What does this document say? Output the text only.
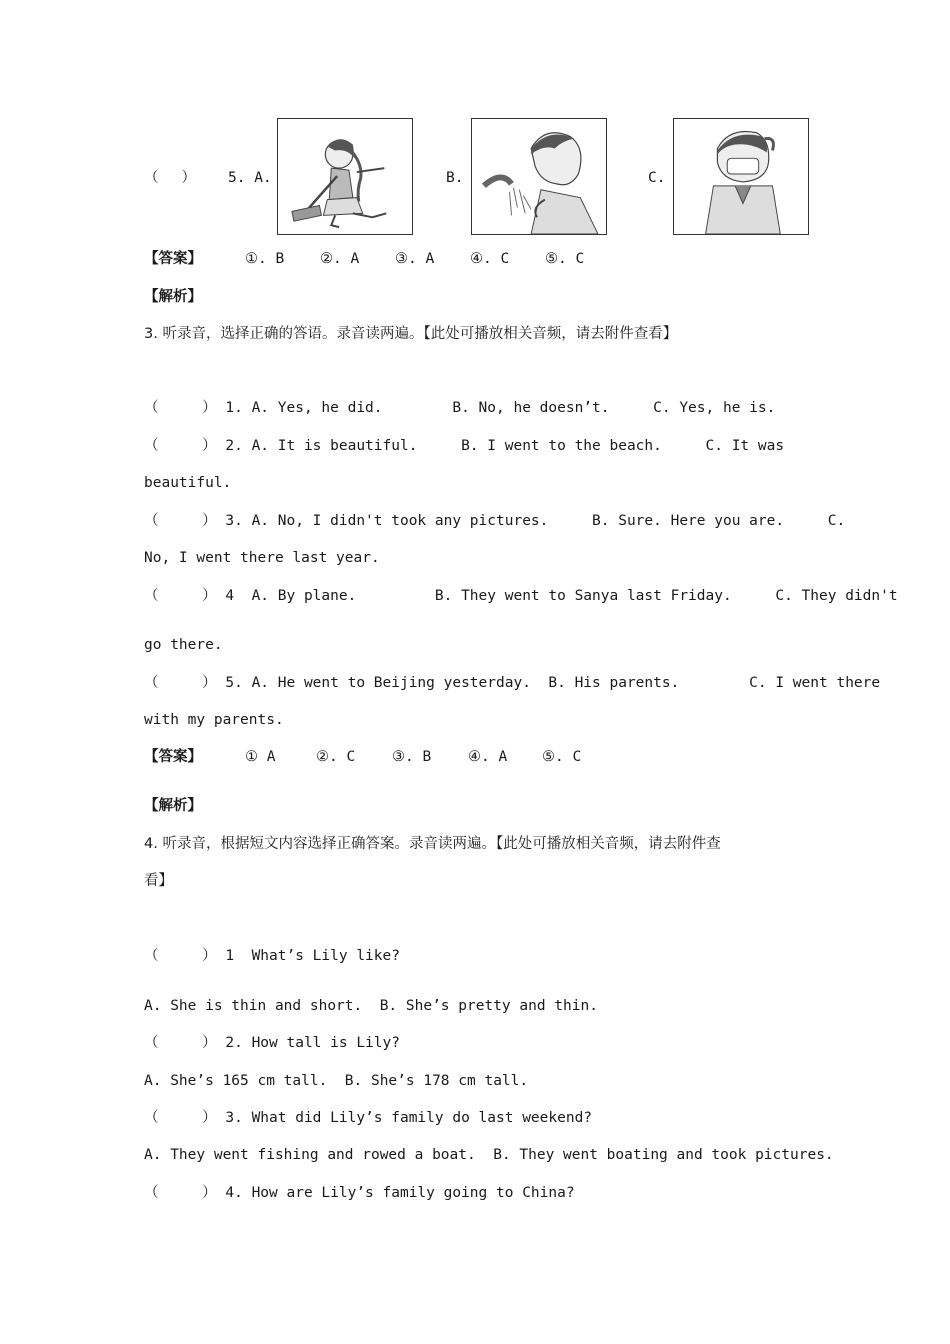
（     ） 5. A.	B.	C.
【答案】	①. B ②. A ③. A ④. C ⑤. C
【解析】
3. 听录音，选择正确的答语。录音读两遍。【此处可播放相关音频，请去附件查看】
（     ） 1. A. Yes, he did.        B. No, he doesn’t.     C. Yes, he is.
（     ） 2. A. It is beautiful.     B. I went to the beach.     C. It was
beautiful.
（     ） 3. A. No, I didn't took any pictures.     B. Sure. Here you are.     C.
No, I went there last year.
（     ） 4  A. By plane.         B. They went to Sanya last Friday.     C. They didn't
go there.
（     ） 5. A. He went to Beijing yesterday.  B. His parents.        C. I went there
with my parents.
【答案】	① A	②. C	③. B	④. A ⑤. C
【解析】
4. 听录音，根据短文内容选择正确答案。录音读两遍。【此处可播放相关音频，请去附件查
看】
（     ） 1  What’s Lily like?
A. She is thin and short.  B. She’s pretty and thin.
（     ） 2. How tall is Lily?
A. She’s 165 cm tall.  B. She’s 178 cm tall.
（     ） 3. What did Lily’s family do last weekend?
A. They went fishing and rowed a boat.  B. They went boating and took pictures.
（     ） 4. How are Lily’s family going to China?
